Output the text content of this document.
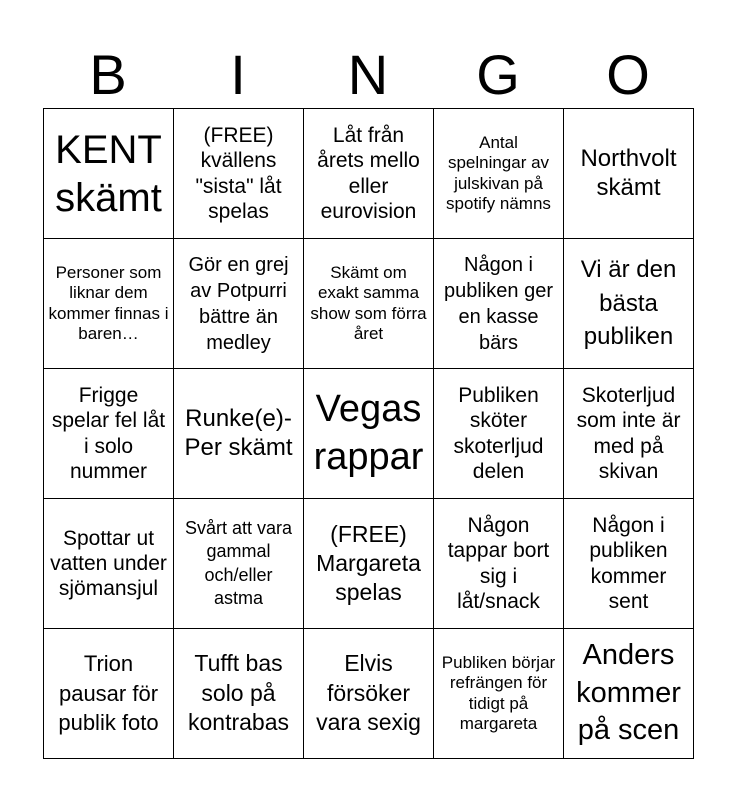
B	I	N	G	O
KENT skämt	(FREE) kvällens "sista" låt spelas	Låt från årets mello eller eurovision	Antal spelningar av julskivan på spotify nämns	Northvolt skämt
Personer som liknar dem kommer finnas i baren…	Gör en grej av Potpurri bättre än medley	Skämt om exakt samma show som förra året	Någon i publiken ger en kasse bärs	Vi är den bästa publiken
Frigge spelar fel låt i solo nummer	Runke(e)-Per skämt	Vegas rappar	Publiken sköter skoterljud delen	Skoterljud som inte är med på skivan
Spottar ut vatten under sjömansjul	Svårt att vara gammal och/eller astma	(FREE) Margareta spelas	Någon tappar bort sig i låt/snack	Någon i publiken kommer sent
Trion pausar för publik foto	Tufft bas solo på kontrabas	Elvis försöker vara sexig	Publiken börjar refrängen för tidigt på margareta	Anders kommer på scen
